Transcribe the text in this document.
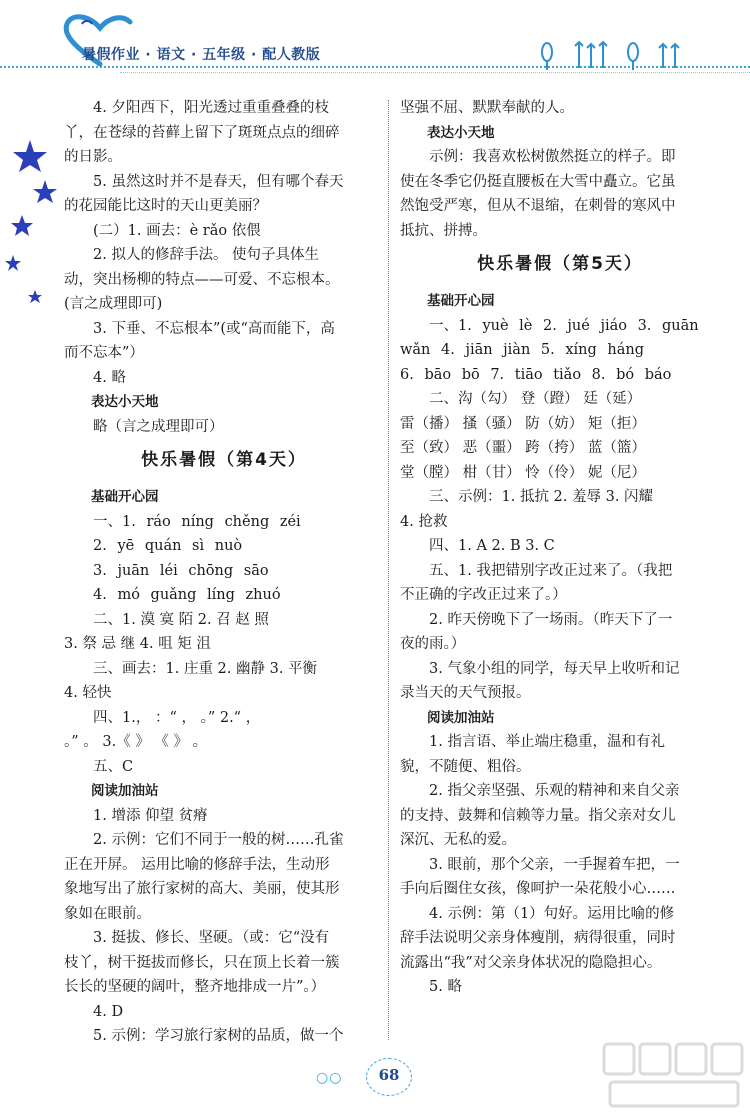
暑假作业 · 语文 · 五年级 · 配人教版

4. 夕阳西下，阳光透过重重叠叠的枝

丫，在苍绿的苔藓上留下了斑斑点点的细碎

的日影。

5. 虽然这时并不是春天，但有哪个春天

的花园能比这时的天山更美丽？

(二）1. 画去：è rǎo 依偎

2. 拟人的修辞手法。 使句子具体生

动，突出杨柳的特点——可爱、不忘根本。

(言之成理即可)

3. 下垂、不忘根本”(或“高而能下，高

而不忘本”）

4. 略

表达小天地

略（言之成理即可）

快乐暑假（第4天）

基础开心园

一、1. ráo níng chěng zéi

2. yē quán sì nuò

3. juān léi chōng sāo

4. mó guǎng líng zhuó

二、1. 漠 寞 陌 2. 召 赵 照

3. 祭 忌 继 4. 咀 矩 沮

三、画去：1. 庄重 2. 幽静 3. 平衡

4. 轻快

四、1.， ：“ ， 。” 2.“ ，

。” 。 3.《 》 《 》 。

五、C

阅读加油站

1. 增添 仰望 贫瘠

2. 示例：它们不同于一般的树……孔雀

正在开屏。 运用比喻的修辞手法，生动形

象地写出了旅行家树的高大、美丽，使其形

象如在眼前。

3. 挺拔、修长、坚硬。（或：它“没有

枝丫，树干挺拔而修长，只在顶上长着一簇

长长的坚硬的阔叶，整齐地排成一片”。）

4. D

5. 示例：学习旅行家树的品质，做一个

坚强不屈、默默奉献的人。

表达小天地

示例：我喜欢松树傲然挺立的样子。即

使在冬季它仍挺直腰板在大雪中矗立。它虽

然饱受严寒，但从不退缩，在刺骨的寒风中

抵抗、拼搏。

快乐暑假（第5天）

基础开心园

一、1. yuè lè 2. jué jiáo 3. guān

wǎn 4. jiān jiàn 5. xíng háng

6. bāo bō 7. tiāo tiǎo 8. bó báo

二、沟（勾） 登（蹬） 廷（延）

雷（播） 搔（骚） 防（妨） 矩（拒）

至（致） 恶（噩） 跨（挎） 蓝（篮）

堂（膛） 柑（甘） 怜（伶） 妮（尼）

三、示例：1. 抵抗 2. 羞辱 3. 闪耀

4. 抢救

四、1. A 2. B 3. C

五、1. 我把错别字改正过来了。（我把

不正确的字改正过来了。）

2. 昨天傍晚下了一场雨。（昨天下了一

夜的雨。）

3. 气象小组的同学，每天早上收听和记

录当天的天气预报。

阅读加油站

1. 指言语、举止端庄稳重，温和有礼

貌，不随便、粗俗。

2. 指父亲坚强、乐观的精神和来自父亲

的支持、鼓舞和信赖等力量。指父亲对女儿

深沉、无私的爱。

3. 眼前，那个父亲，一手握着车把，一

手向后圈住女孩，像呵护一朵花般小心……

4. 示例：第（1）句好。运用比喻的修

辞手法说明父亲身体瘦削，病得很重，同时

流露出“我”对父亲身体状况的隐隐担心。

5. 略

○○	68
